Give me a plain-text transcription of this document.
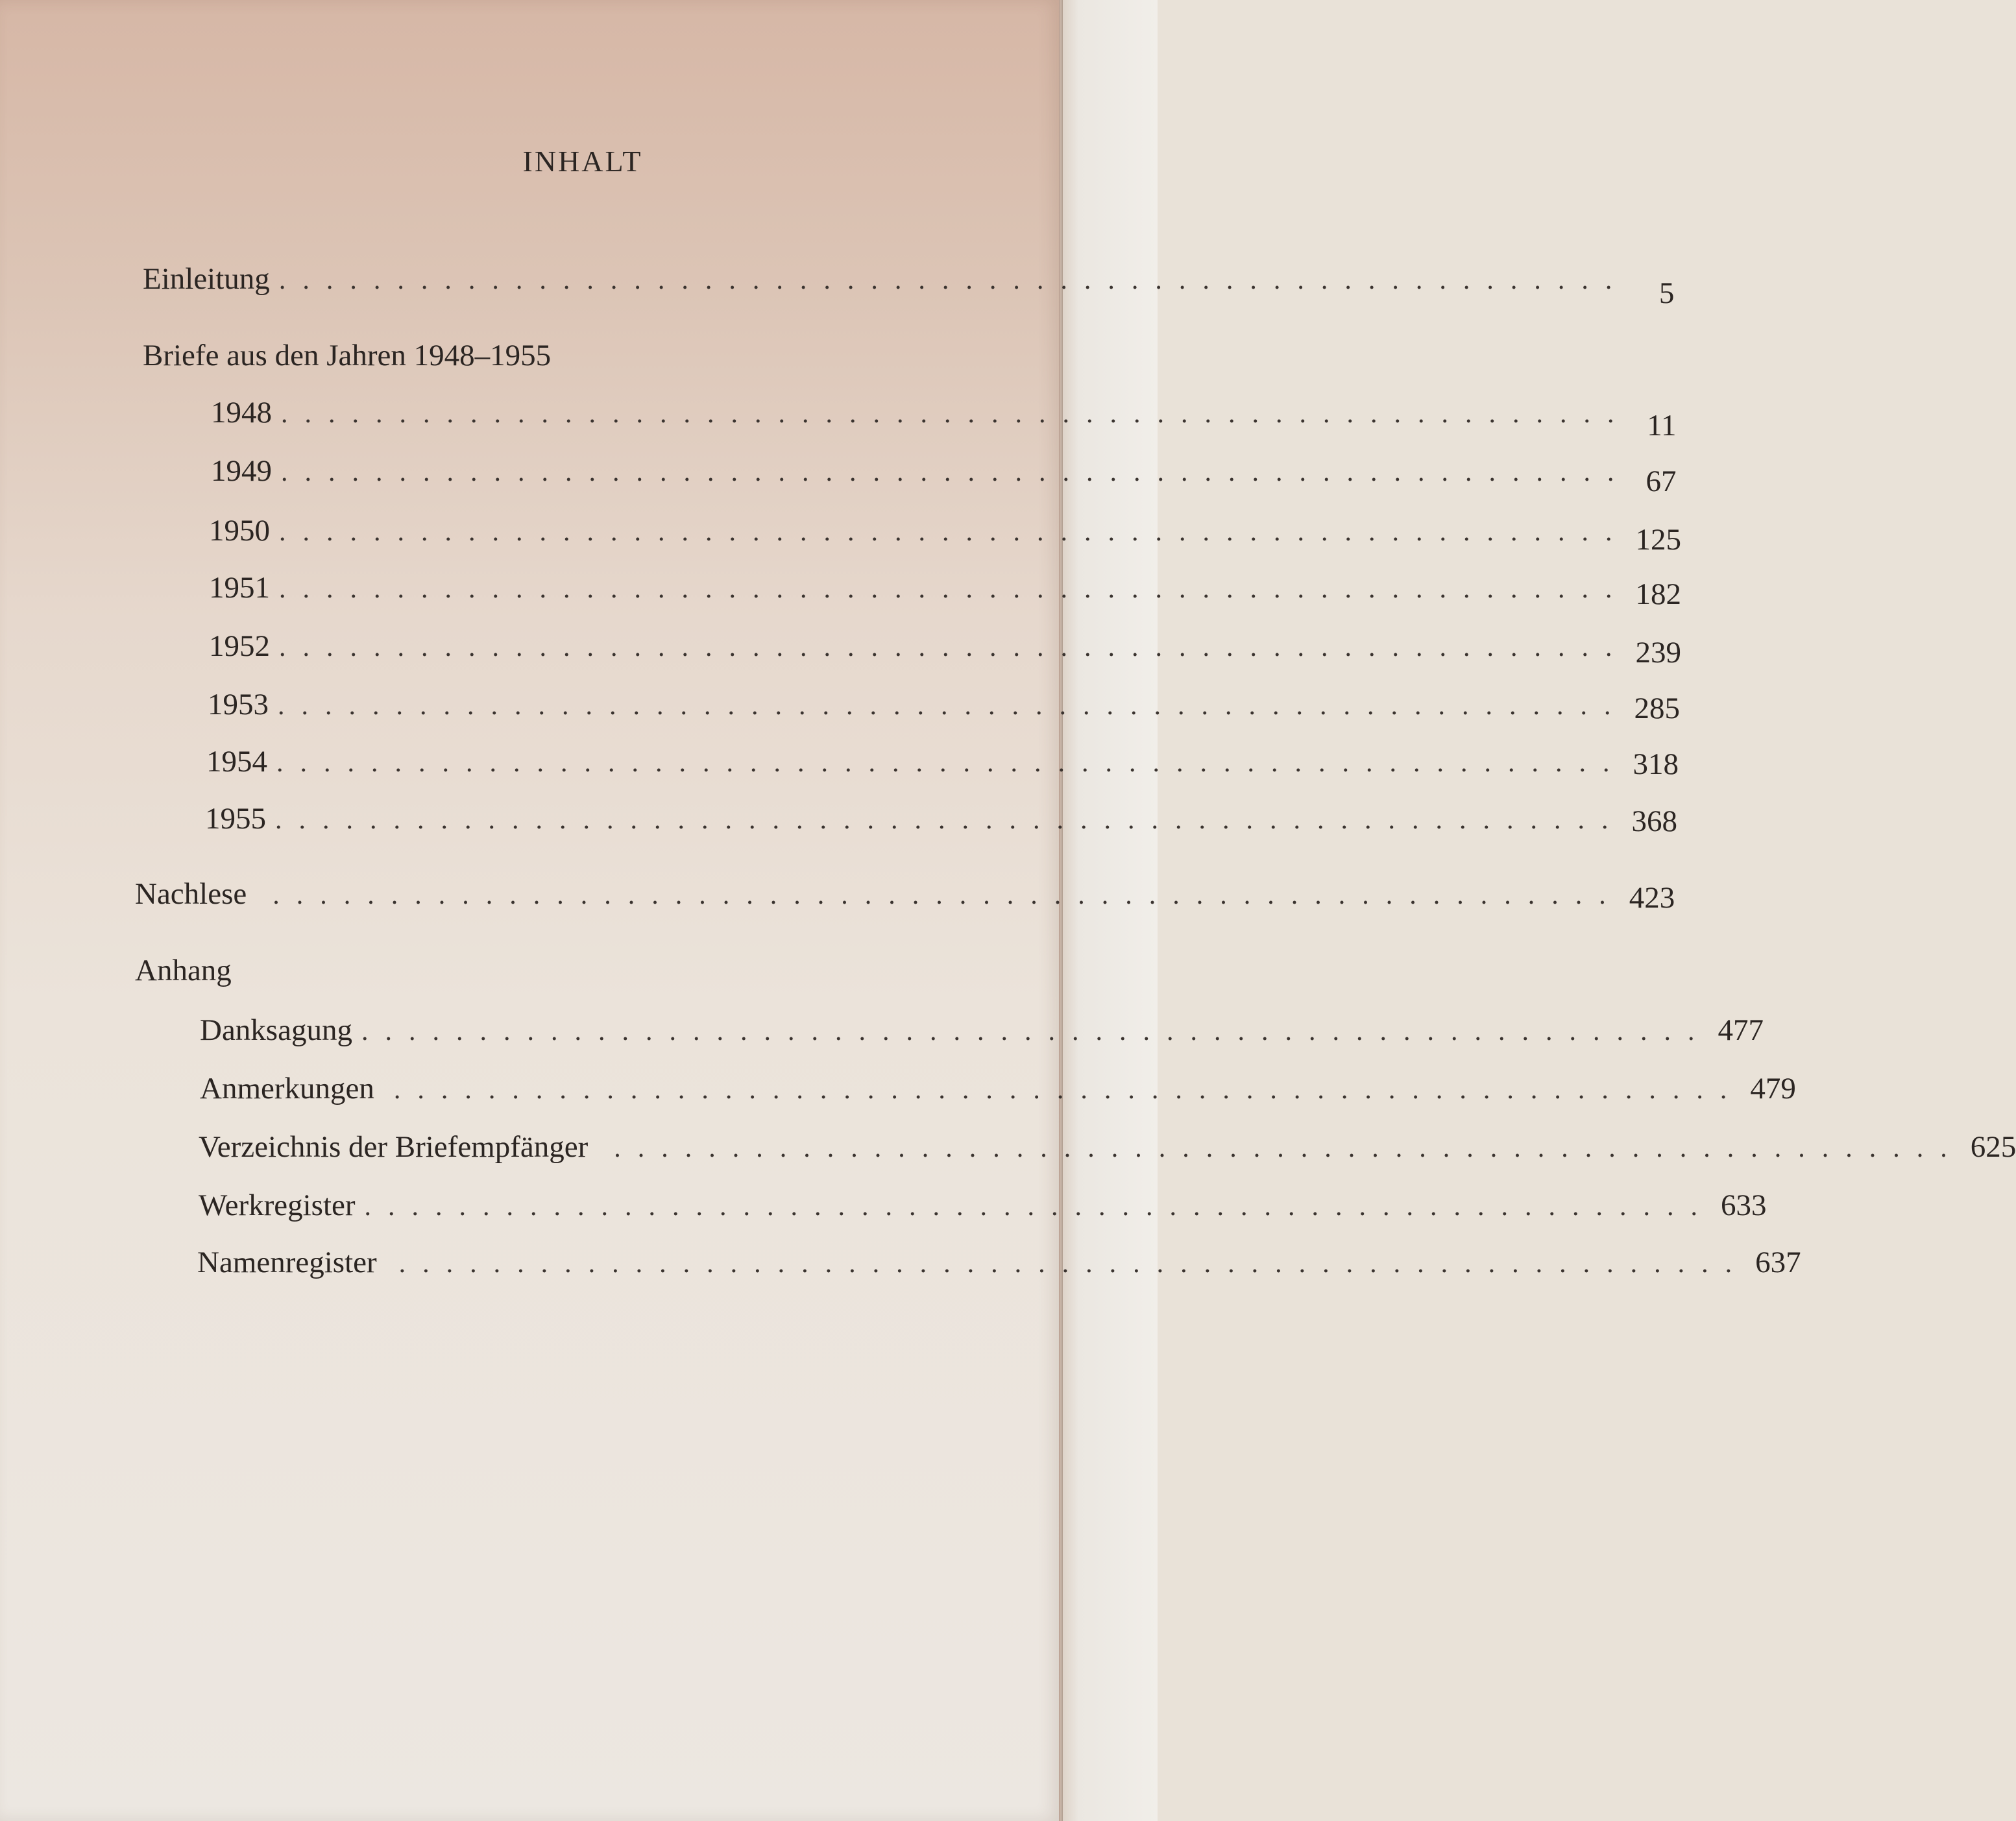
INHALT
Einleitung ......................................................... 5
Briefe aus den Jahren 1948–1955
1948 ......................................................... 11
1949 ......................................................... 67
1950 ......................................................... 125
1951 ......................................................... 182
1952 ......................................................... 239
1953 ......................................................... 285
1954 ......................................................... 318
1955 ......................................................... 368
Nachlese ......................................................... 423
Anhang
Danksagung ......................................................... 477
Anmerkungen ......................................................... 479
Verzeichnis der Briefempfänger ......................................................... 625
Werkregister ......................................................... 633
Namenregister ......................................................... 637
